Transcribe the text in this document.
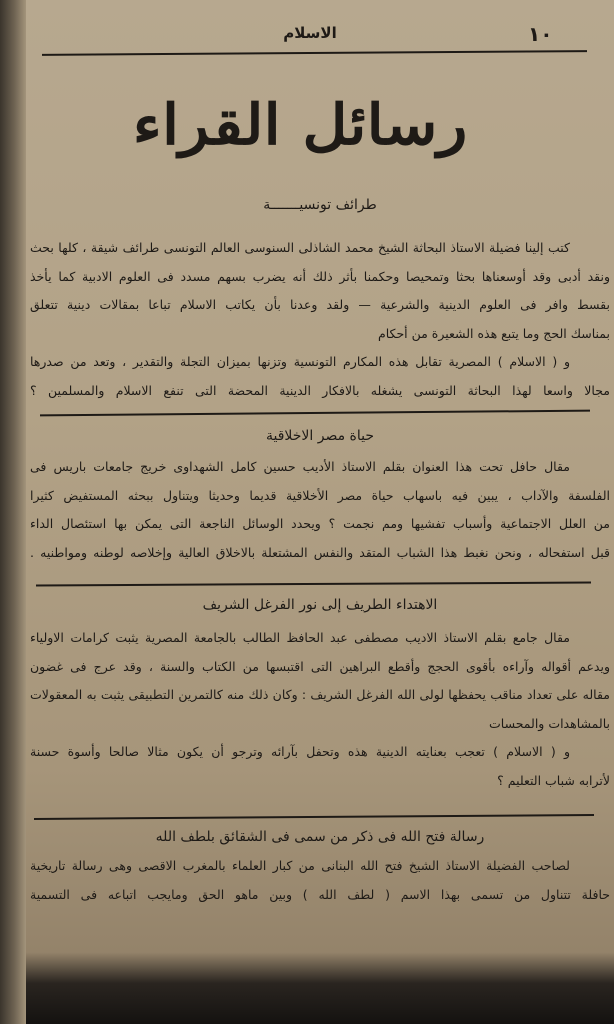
١٠
الاسلام
رسائل القراء
طرائف تونسيـــــــة
كتب إلينا فضيلة الاستاذ البحاثة الشيخ محمد الشاذلى السنوسى العالم التونسى طرائف شيقة ، كلها بحث
ونقد أدبى وقد أوسعناها بحثا وتمحيصا وحكمنا بأثر ذلك أنه يضرب بسهم مسدد فى العلوم الادبية كما يأخذ
بقسط وافر فى العلوم الدينية والشرعية — ولقد وعدنا بأن يكاتب الاسلام تباعا بمقالات دينية تتعلق
بمناسك الحج وما يتبع هذه الشعيرة من أحكام
و ( الاسلام ) المصرية تقابل هذه المكارم التونسية وتزنها بميزان التجلة والتقدير ، وتعد من صدرها
مجالا واسعا لهذا البحاثة التونسى يشغله بالافكار الدينية المحضة التى تنفع الاسلام والمسلمين ؟
حياة مصر الاخلاقية
مقال حافل تحت هذا العنوان بقلم الاستاذ الأديب حسين كامل الشهداوى خريج جامعات باريس فى
الفلسفة والآداب ، يبين فيه باسهاب حياة مصر الأخلاقية قديما وحديثا ويتناول ببحثه المستفيض كثيرا
من العلل الاجتماعية وأسباب تفشيها ومم نجمت ؟ ويحدد الوسائل الناجعة التى يمكن بها استئصال الداء
قبل استفحاله ، ونحن نغبط هذا الشباب المتقد والنفس المشتعلة بالاخلاق العالية وإخلاصه لوطنه ومواطنيه .
الاهتداء الطريف إلى نور الفرغل الشريف
مقال جامع بقلم الاستاذ الاديب مصطفى عبد الحافظ الطالب بالجامعة المصرية يثبت كرامات الاولياء
ويدعم أقواله وآراءه بأقوى الحجج وأقطع البراهين التى اقتبسها من الكتاب والسنة ، وقد عرج فى غضون
مقاله على تعداد مناقب يحفظها لولى الله الفرغل الشريف : وكان ذلك منه كالتمرين التطبيقى يثبت به المعقولات
بالمشاهدات والمحسات
و ( الاسلام ) تعجب بعنايته الدينية هذه وتحفل بآرائه وترجو أن يكون مثالا صالحا وأسوة حسنة
لأترابه شباب التعليم ؟
رسالة فتح الله فى ذكر من سمى فى الشقائق بلطف الله
لصاحب الفضيلة الاستاذ الشيخ فتح الله البنانى من كبار العلماء بالمغرب الاقصى وهى رسالة تاريخية
حافلة تتناول من تسمى بهذا الاسم ( لطف الله ) وبين ماهو الحق ومايجب اتباعه فى التسمية
